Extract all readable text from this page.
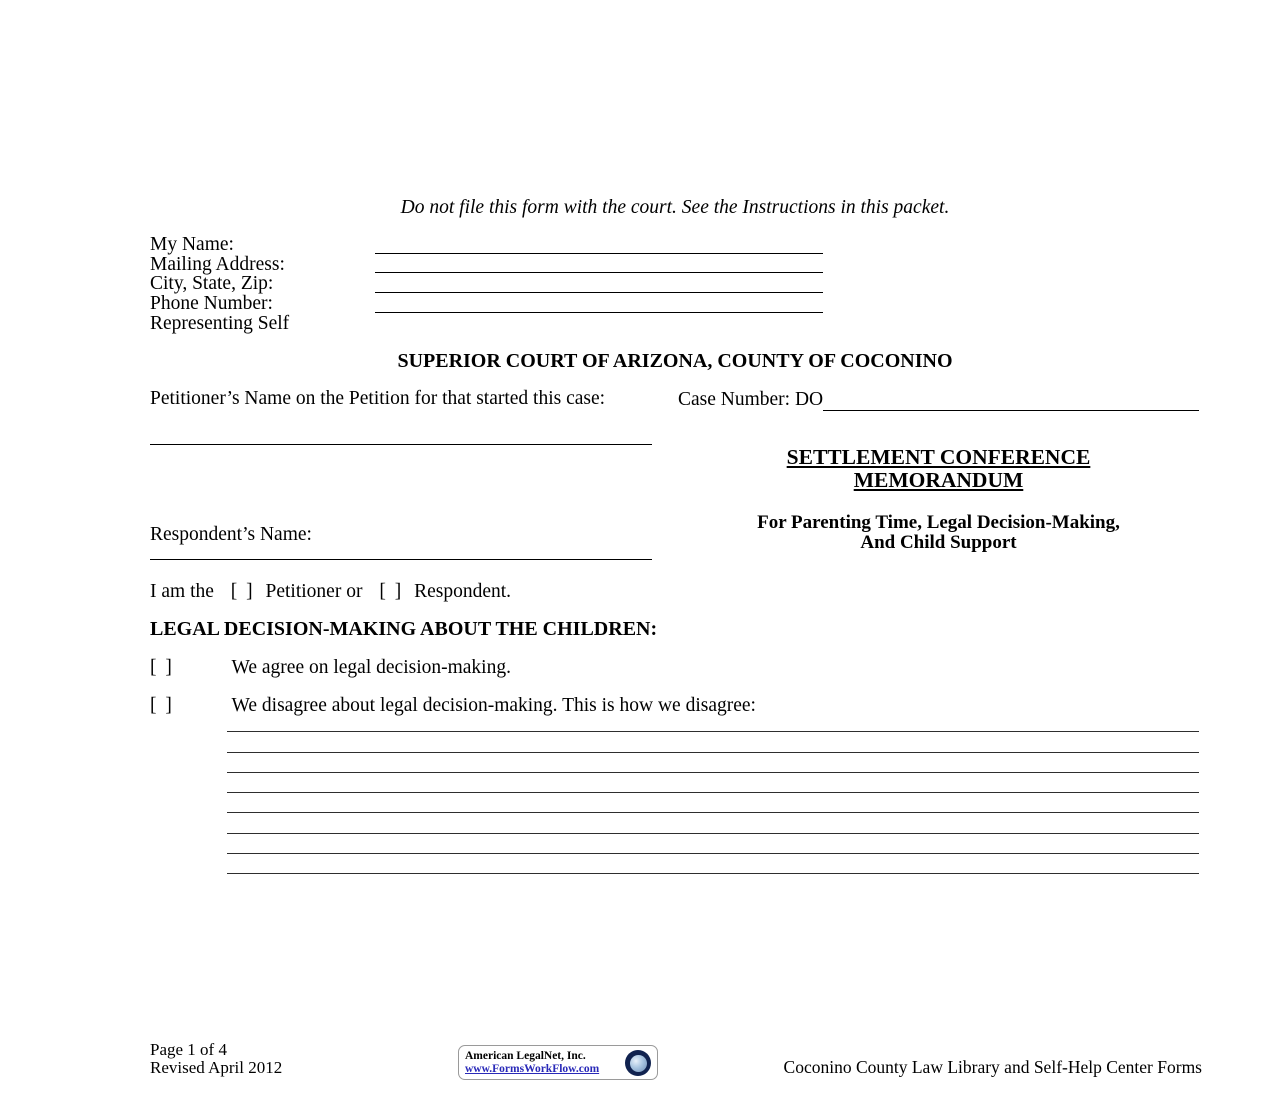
Do not file this form with the court. See the Instructions in this packet.
My Name:
Mailing Address:
City, State, Zip:
Phone Number:
Representing Self
SUPERIOR COURT OF ARIZONA, COUNTY OF COCONINO
Petitioner’s Name on the Petition for that started this case:	Case Number: DO
SETTLEMENT CONFERENCE
MEMORANDUM
For Parenting Time, Legal Decision-Making,
And Child Support
Respondent’s Name:
I am the [ ] Petitioner or [ ] Respondent.
LEGAL DECISION-MAKING ABOUT THE CHILDREN:
[ ]	We agree on legal decision-making.
[ ]	We disagree about legal decision-making. This is how we disagree:
Page 1 of 4
Revised April 2012
American LegalNet, Inc.
www.FormsWorkFlow.com	Coconino County Law Library and Self-Help Center Forms
